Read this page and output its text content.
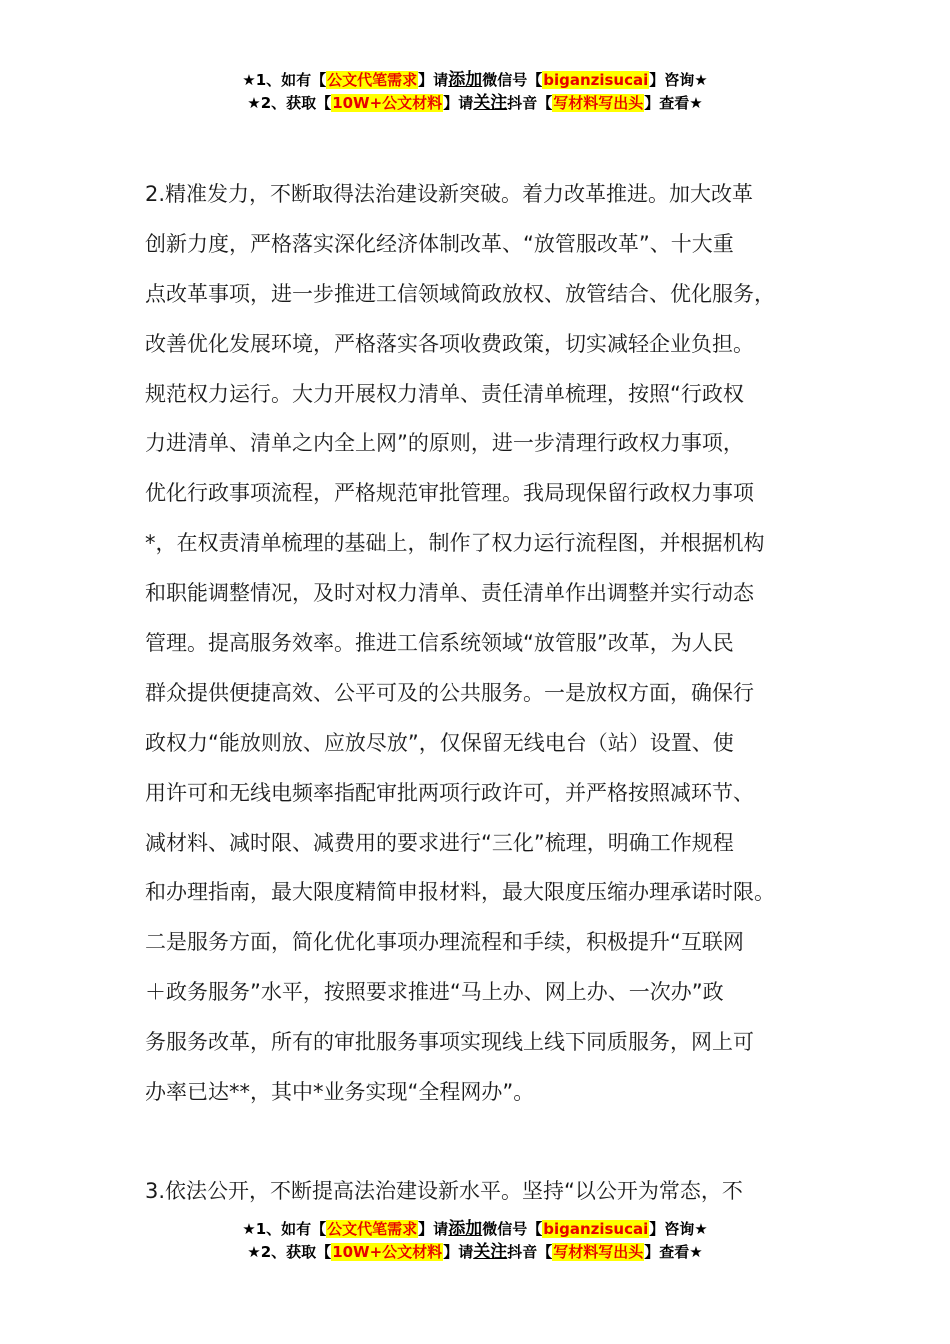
★1、如有【公文代笔需求】请添加微信号【biganzisucai】咨询★
★2、获取【10W+公文材料】请关注抖音【写材料写出头】查看★
2.精准发力，不断取得法治建设新突破。着力改革推进。加大改革
创新力度，严格落实深化经济体制改革、“放管服改革”、十大重
点改革事项，进一步推进工信领域简政放权、放管结合、优化服务，
改善优化发展环境，严格落实各项收费政策，切实减轻企业负担。
规范权力运行。大力开展权力清单、责任清单梳理，按照“行政权
力进清单、清单之内全上网”的原则，进一步清理行政权力事项，
优化行政事项流程，严格规范审批管理。我局现保留行政权力事项
*，在权责清单梳理的基础上，制作了权力运行流程图，并根据机构
和职能调整情况，及时对权力清单、责任清单作出调整并实行动态
管理。提高服务效率。推进工信系统领域“放管服”改革，为人民
群众提供便捷高效、公平可及的公共服务。一是放权方面，确保行
政权力“能放则放、应放尽放”，仅保留无线电台（站）设置、使
用许可和无线电频率指配审批两项行政许可，并严格按照减环节、
减材料、减时限、减费用的要求进行“三化”梳理，明确工作规程
和办理指南，最大限度精简申报材料，最大限度压缩办理承诺时限。
二是服务方面，简化优化事项办理流程和手续，积极提升“互联网
＋政务服务”水平，按照要求推进“马上办、网上办、一次办”政
务服务改革，所有的审批服务事项实现线上线下同质服务，网上可
办率已达**，其中*业务实现“全程网办”。
3.依法公开，不断提高法治建设新水平。坚持“以公开为常态，不
★1、如有【公文代笔需求】请添加微信号【biganzisucai】咨询★
★2、获取【10W+公文材料】请关注抖音【写材料写出头】查看★
